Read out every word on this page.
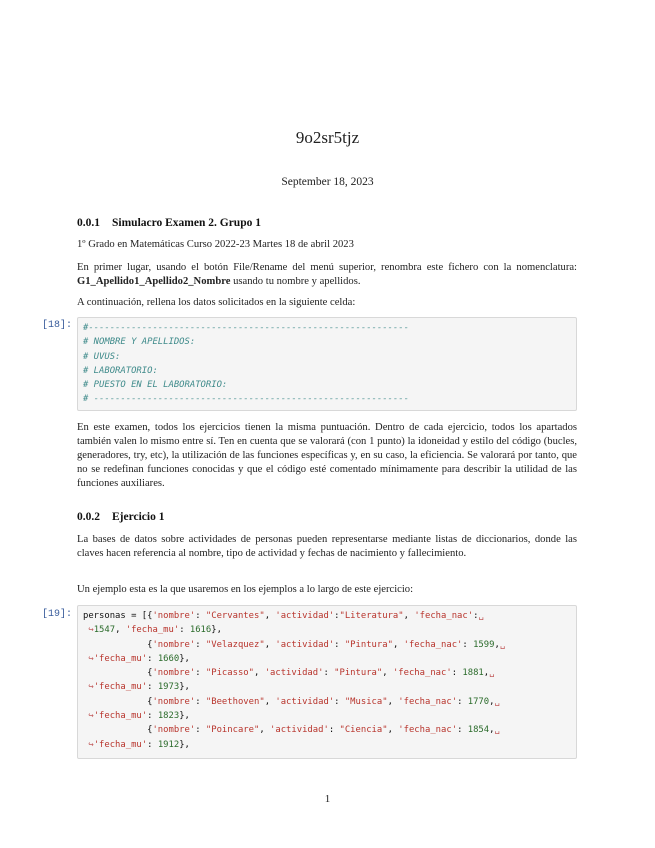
9o2sr5tjz
September 18, 2023
0.0.1 Simulacro Examen 2. Grupo 1
1º Grado en Matemáticas Curso 2022-23 Martes 18 de abril 2023
En primer lugar, usando el botón File/Rename del menú superior, renombra este fichero con la nomenclatura: G1_Apellido1_Apellido2_Nombre usando tu nombre y apellidos.
A continuación, rellena los datos solicitados en la siguiente celda:
[18]: #------------------------------------------------------------
# NOMBRE Y APELLIDOS:
# UVUS:
# LABORATORIO:
# PUESTO EN EL LABORATORIO:
# -----------------------------------------------------------
En este examen, todos los ejercicios tienen la misma puntuación. Dentro de cada ejercicio, todos los apartados también valen lo mismo entre sí. Ten en cuenta que se valorará (con 1 punto) la idoneidad y estilo del código (bucles, generadores, try, etc), la utilización de las funciones específicas y, en su caso, la eficiencia. Se valorará por tanto, que no se redefinan funciones conocidas y que el código esté comentado mínimamente para describir la utilidad de las funciones auxiliares.
0.0.2 Ejercicio 1
La bases de datos sobre actividades de personas pueden representarse mediante listas de diccionarios, donde las claves hacen referencia al nombre, tipo de actividad y fechas de nacimiento y fallecimiento.
Un ejemplo esta es la que usaremos en los ejemplos a lo largo de este ejercicio:
[19]: personas = [{'nombre': "Cervantes", 'actividad':"Literatura", 'fecha_nac':␣
↪1547, 'fecha_mu': 1616},
{'nombre': "Velazquez", 'actividad': "Pintura", 'fecha_nac': 1599,␣
↪'fecha_mu': 1660},
{'nombre': "Picasso", 'actividad': "Pintura", 'fecha_nac': 1881,␣
↪'fecha_mu': 1973},
{'nombre': "Beethoven", 'actividad': "Musica", 'fecha_nac': 1770,␣
↪'fecha_mu': 1823},
{'nombre': "Poincare", 'actividad': "Ciencia", 'fecha_nac': 1854,␣
↪'fecha_mu': 1912},
1
